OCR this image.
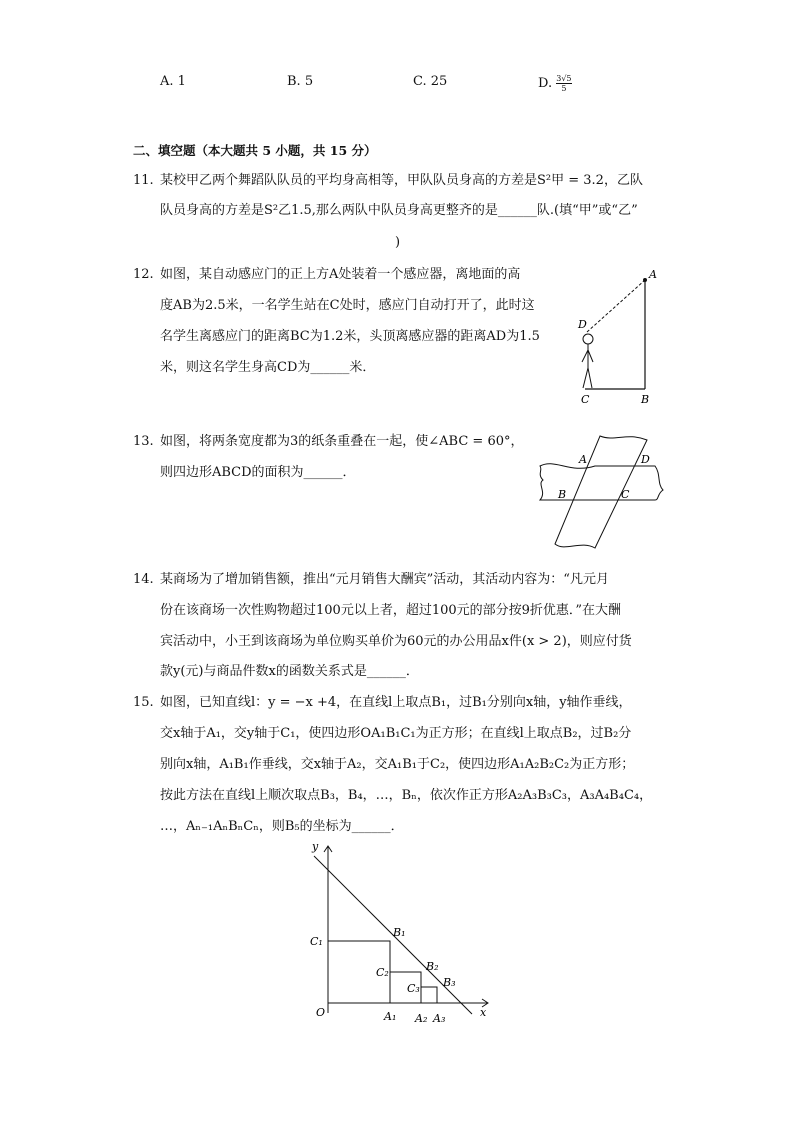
A. 1	B. 5	C. 25	D. $\frac{3√5}{5}$
二、填空题（本大题共 5 小题，共 15 分）
11. 某校甲乙两个舞蹈队队员的平均身高相等，甲队队员身高的方差是S²甲 = 3.2，乙队
队员身高的方差是S²乙1.5,那么两队中队员身高更整齐的是______队.(填“甲”或“乙”
)
12. 如图，某自动感应门的正上方A处装着一个感应器，离地面的高
度AB为2.5米，一名学生站在C处时，感应门自动打开了，此时这
名学生离感应门的距离BC为1.2米，头顶离感应器的距离AD为1.5
米，则这名学生身高CD为______米．
A
D
C	B
13. 如图，将两条宽度都为3的纸条重叠在一起，使∠ABC = 60°，
则四边形ABCD的面积为______．
A	D
B	C
14. 某商场为了增加销售额，推出“元月销售大酬宾”活动，其活动内容为：“凡元月
份在该商场一次性购物超过100元以上者，超过100元的部分按9折优惠．”在大酬
宾活动中，小王到该商场为单位购买单价为60元的办公用品x件(x > 2)，则应付货
款y(元)与商品件数x的函数关系式是______．
15. 如图，已知直线l：y = −x +4，在直线l上取点B₁，过B₁分别向x轴，y轴作垂线，
交x轴于A₁，交y轴于C₁，使四边形OA₁B₁C₁为正方形；在直线l上取点B₂，过B₂分
别向x轴，A₁B₁作垂线，交x轴于A₂，交A₁B₁于C₂，使四边形A₁A₂B₂C₂为正方形；
按此方法在直线l上顺次取点B₃，B₄，…，Bₙ，依次作正方形A₂A₃B₃C₃，A₃A₄B₄C₄，
…，Aₙ₋₁AₙBₙCₙ，则B₅的坐标为______．
y
x
O
C₁
B₁
C₂	B₂
C₃ B₃
A₁ A₂ A₃
